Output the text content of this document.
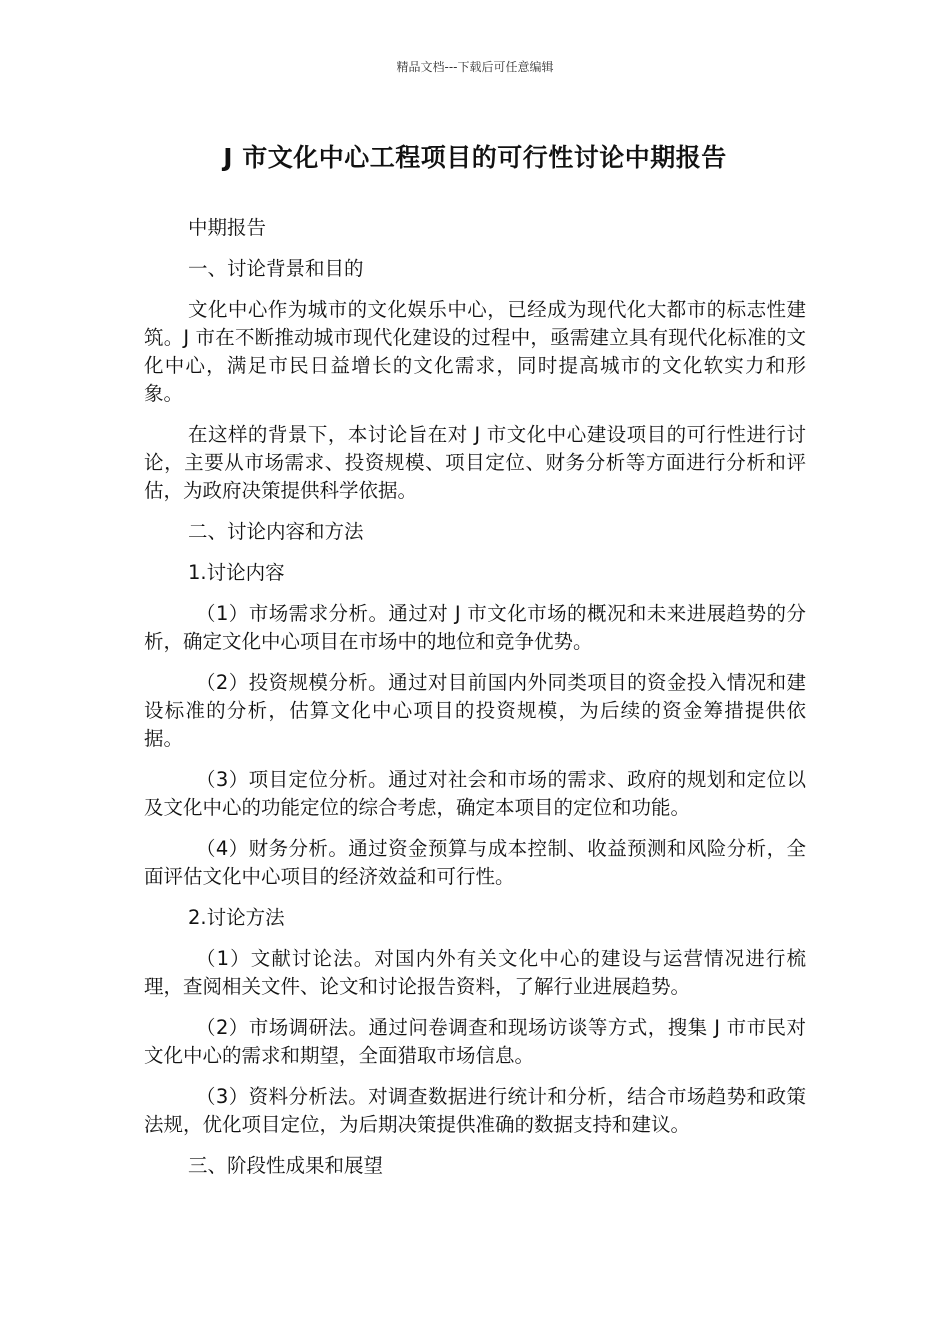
精品文档---下载后可任意编辑
J 市文化中心工程项目的可行性讨论中期报告

中期报告

一、讨论背景和目的

文化中心作为城市的文化娱乐中心，已经成为现代化大都市的标志性建筑。J 市在不断推动城市现代化建设的过程中，亟需建立具有现代化标准的文化中心，满足市民日益增长的文化需求，同时提高城市的文化软实力和形象。

在这样的背景下，本讨论旨在对 J 市文化中心建设项目的可行性进行讨论，主要从市场需求、投资规模、项目定位、财务分析等方面进行分析和评估，为政府决策提供科学依据。

二、讨论内容和方法

1.讨论内容

（1）市场需求分析。通过对 J 市文化市场的概况和未来进展趋势的分析，确定文化中心项目在市场中的地位和竞争优势。

（2）投资规模分析。通过对目前国内外同类项目的资金投入情况和建设标准的分析，估算文化中心项目的投资规模，为后续的资金筹措提供依据。

（3）项目定位分析。通过对社会和市场的需求、政府的规划和定位以及文化中心的功能定位的综合考虑，确定本项目的定位和功能。

（4）财务分析。通过资金预算与成本控制、收益预测和风险分析，全面评估文化中心项目的经济效益和可行性。

2.讨论方法

（1）文献讨论法。对国内外有关文化中心的建设与运营情况进行梳理，查阅相关文件、论文和讨论报告资料，了解行业进展趋势。

（2）市场调研法。通过问卷调查和现场访谈等方式，搜集 J 市市民对文化中心的需求和期望，全面猎取市场信息。

（3）资料分析法。对调查数据进行统计和分析，结合市场趋势和政策法规，优化项目定位，为后期决策提供准确的数据支持和建议。

三、阶段性成果和展望
